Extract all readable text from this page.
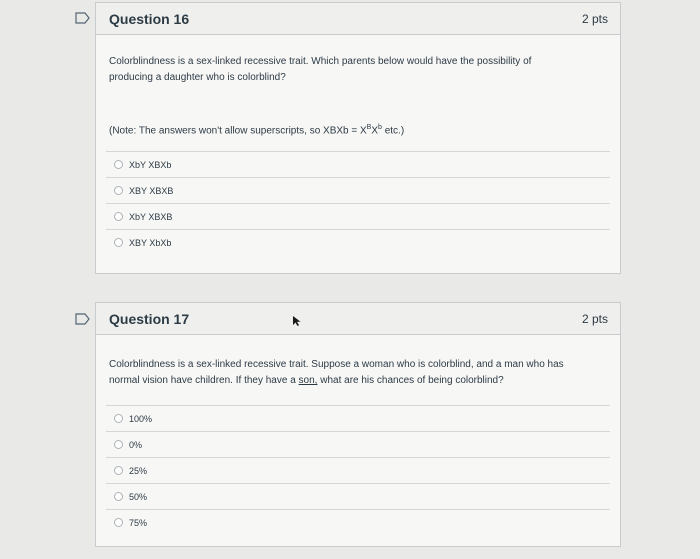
Question 16	2 pts
Colorblindness is a sex-linked recessive trait. Which parents below would have the possibility of
producing a daughter who is colorblind?
(Note: The answers won't allow superscripts, so XBXb = $X^BX^b$ etc.)
XbY XBXb
XBY XBXB
XbY XBXB
XBY XbXb
Question 17	2 pts
Colorblindness is a sex-linked recessive trait. Suppose a woman who is colorblind, and a man who has
normal vision have children. If they have a son, what are his chances of being colorblind?
100%
0%
25%
50%
75%
